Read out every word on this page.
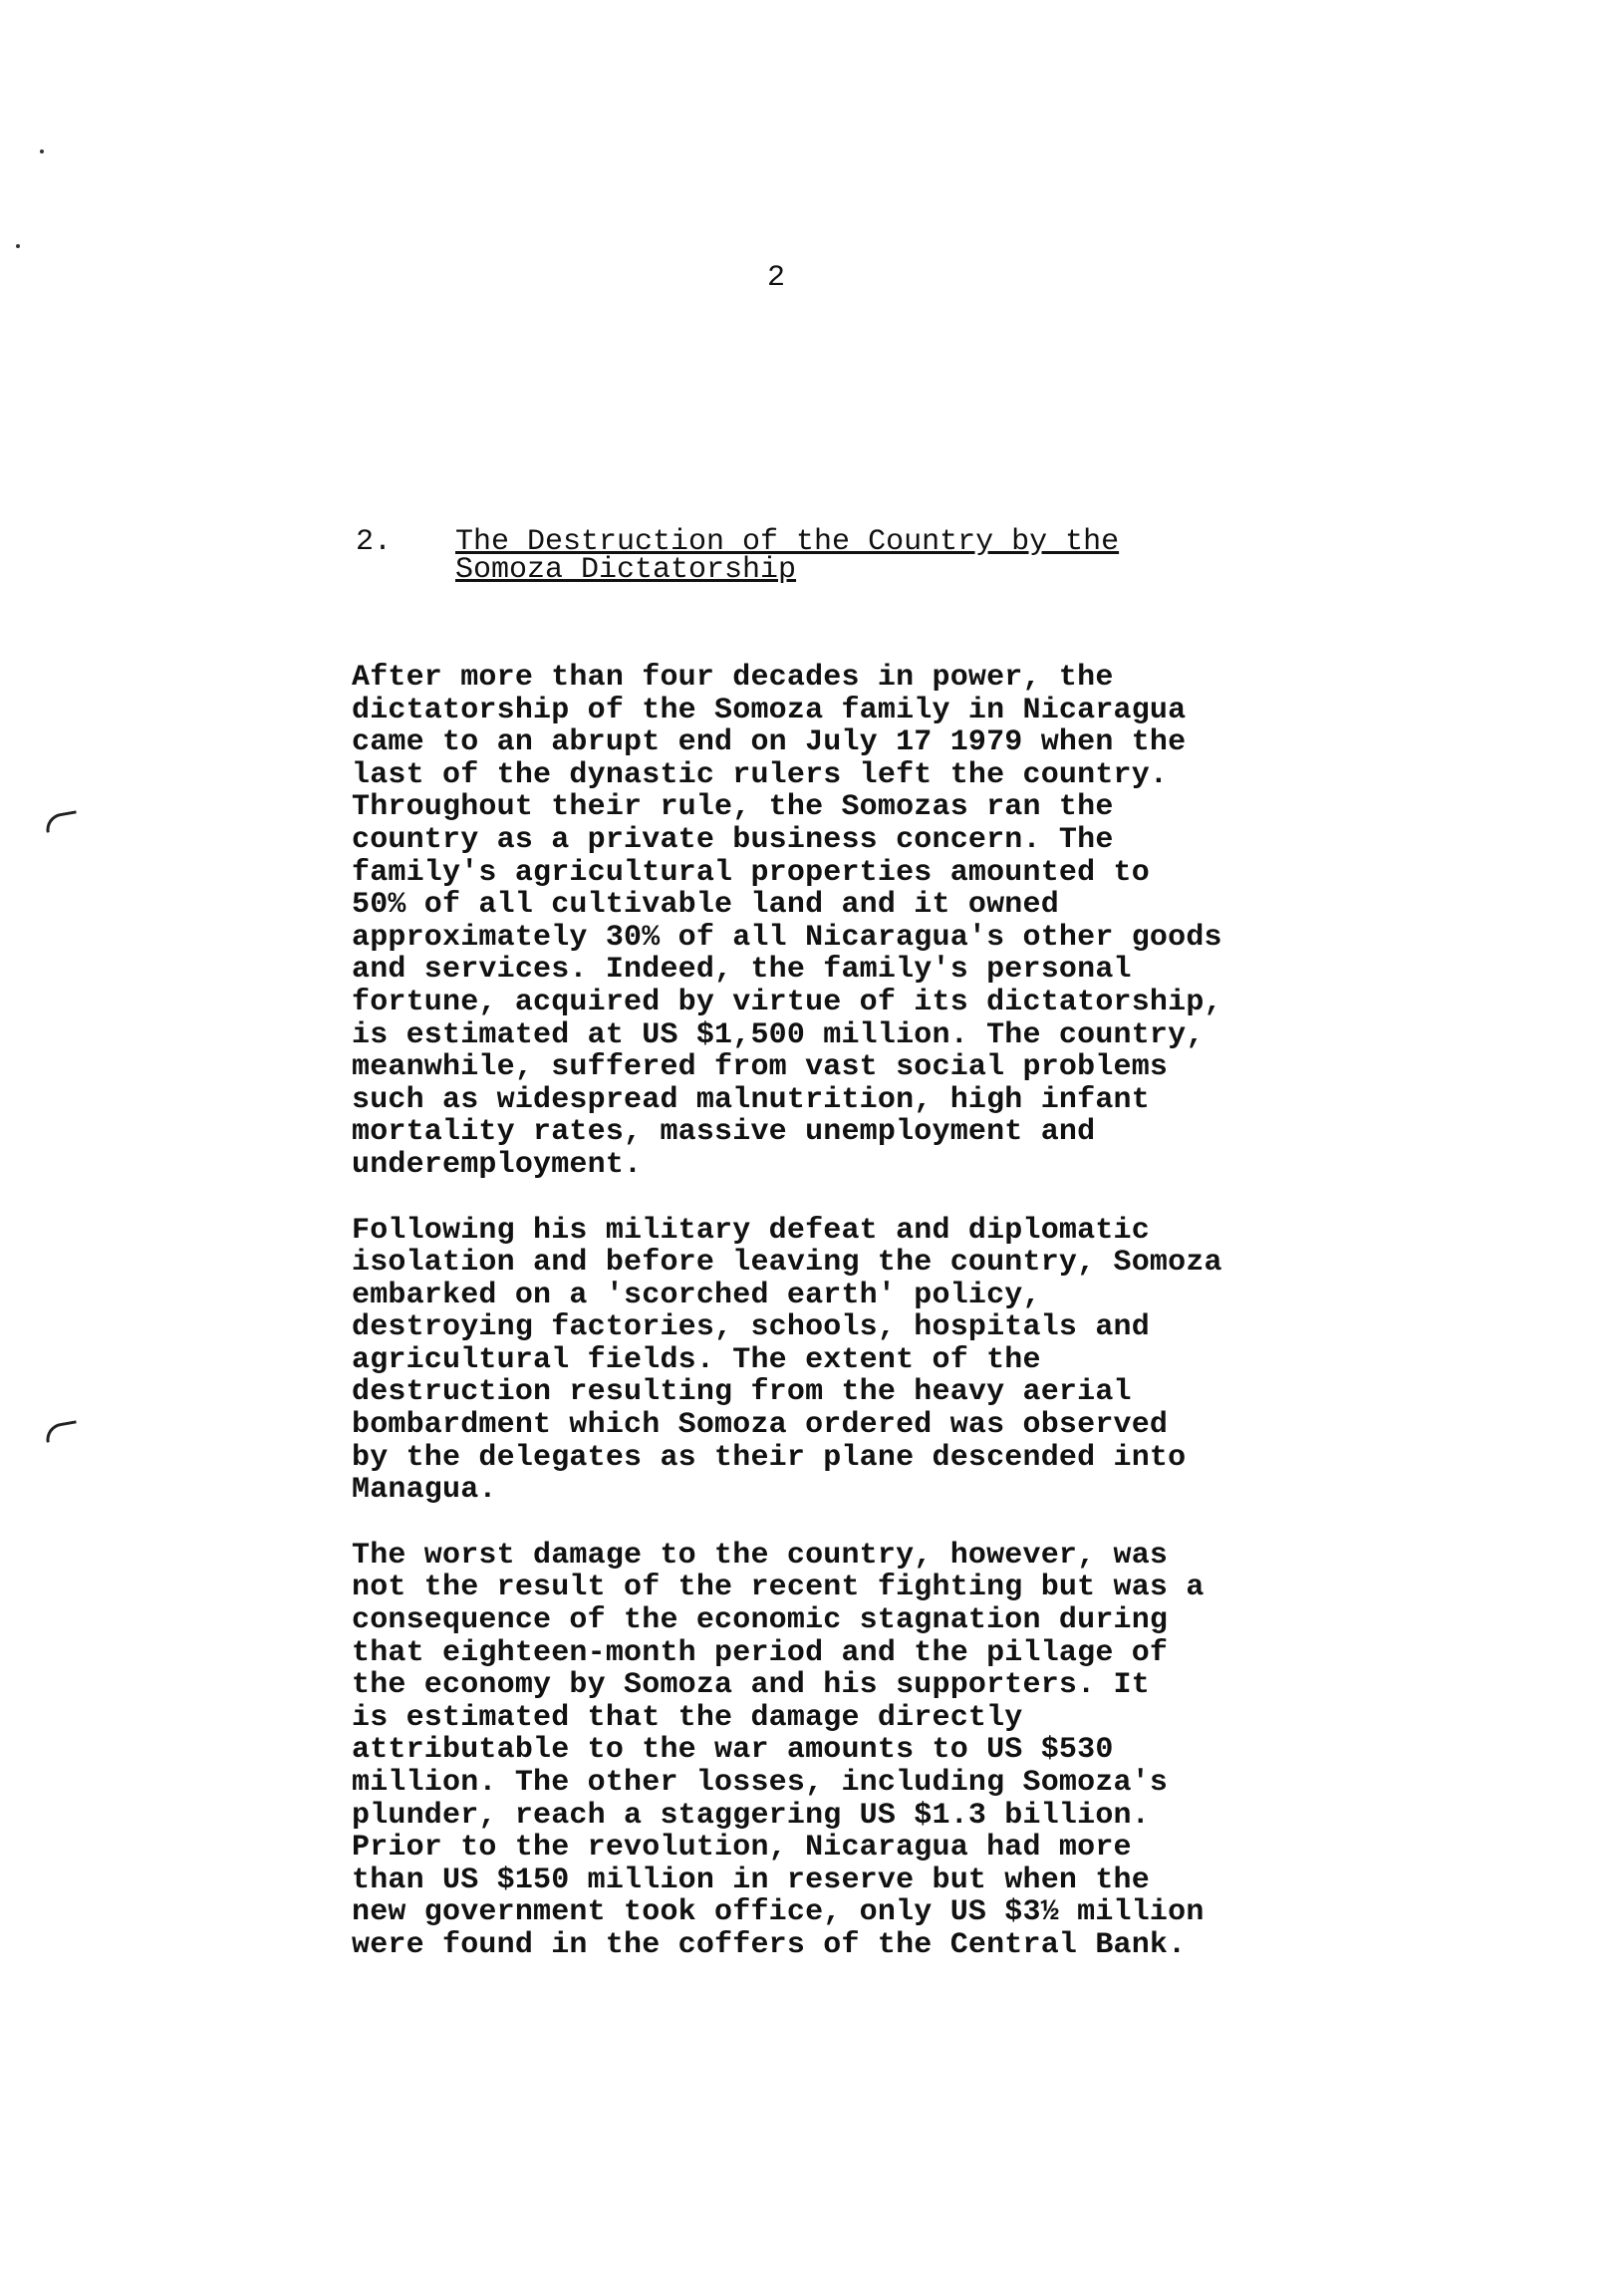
2
2.	The Destruction of the Country by the
Somoza Dictatorship

After more than four decades in power, the
dictatorship of the Somoza family in Nicaragua
came to an abrupt end on July 17 1979 when the
last of the dynastic rulers left the country.
Throughout their rule, the Somozas ran the
country as a private business concern. The
family's agricultural properties amounted to
50% of all cultivable land and it owned
approximately 30% of all Nicaragua's other goods
and services. Indeed, the family's personal
fortune, acquired by virtue of its dictatorship,
is estimated at US $1,500 million. The country,
meanwhile, suffered from vast social problems
such as widespread malnutrition, high infant
mortality rates, massive unemployment and
underemployment.

Following his military defeat and diplomatic
isolation and before leaving the country, Somoza
embarked on a 'scorched earth' policy,
destroying factories, schools, hospitals and
agricultural fields. The extent of the
destruction resulting from the heavy aerial
bombardment which Somoza ordered was observed
by the delegates as their plane descended into
Managua.

The worst damage to the country, however, was
not the result of the recent fighting but was a
consequence of the economic stagnation during
that eighteen-month period and the pillage of
the economy by Somoza and his supporters. It
is estimated that the damage directly
attributable to the war amounts to US $530
million. The other losses, including Somoza's
plunder, reach a staggering US $1.3 billion.
Prior to the revolution, Nicaragua had more
than US $150 million in reserve but when the
new government took office, only US $3½ million
were found in the coffers of the Central Bank.
